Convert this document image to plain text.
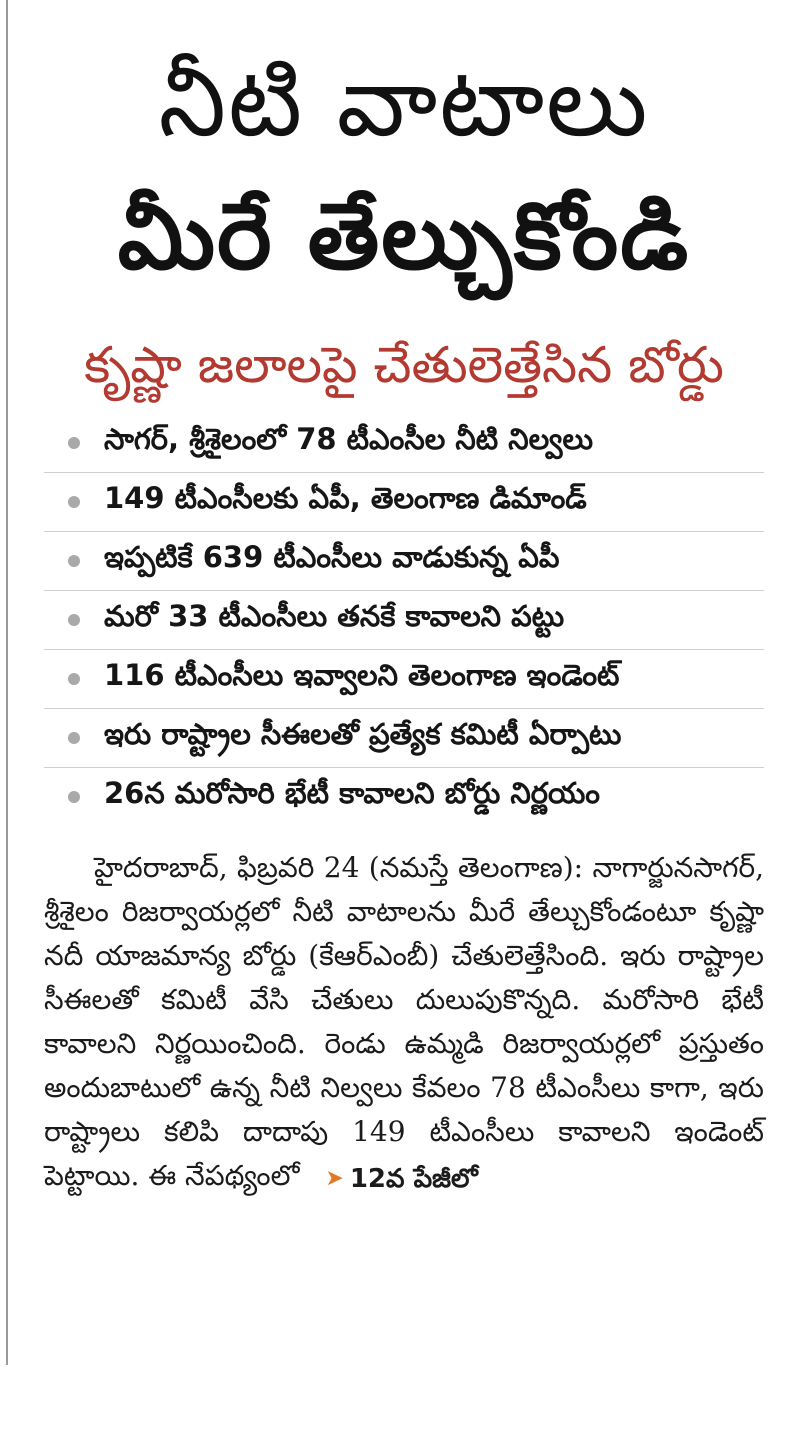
నీటి వాటాలు
మీరే తేల్చుకోండి
కృష్ణా జలాలపై చేతులెత్తేసిన బోర్డు
సాగర్, శ్రీశైలంలో 78 టీఎంసీల నీటి నిల్వలు
149 టీఎంసీలకు ఏపీ, తెలంగాణ డిమాండ్
ఇప్పటికే 639 టీఎంసీలు వాడుకున్న ఏపీ
మరో 33 టీఎంసీలు తనకే కావాలని పట్టు
116 టీఎంసీలు ఇవ్వాలని తెలంగాణ ఇండెంట్
ఇరు రాష్ట్రాల సీఈలతో ప్రత్యేక కమిటీ ఏర్పాటు
26న మరోసారి భేటీ కావాలని బోర్డు నిర్ణయం

హైదరాబాద్, ఫిబ్రవరి 24 (నమస్తే తెలంగాణ): నాగార్జునసాగర్, శ్రీశైలం రిజర్వాయర్లలో నీటి వాటాలను మీరే తేల్చుకోండంటూ కృష్ణా నదీ యాజమాన్య బోర్డు (కేఆర్ఎంబీ) చేతులెత్తేసింది. ఇరు రాష్ట్రాల సీఈలతో కమిటీ వేసి చేతులు దులుపుకొన్నది. మరోసారి భేటీ కావాలని నిర్ణయించింది. రెండు ఉమ్మడి రిజర్వాయర్లలో ప్రస్తుతం అందుబాటులో ఉన్న నీటి నిల్వలు కేవలం 78 టీఎంసీలు కాగా, ఇరు రాష్ట్రాలు కలిపి దాదాపు 149 టీఎంసీలు కావాలని ఇండెంట్ పెట్టాయి. ఈ నేపథ్యంలో ➤ 12వ పేజీలో
